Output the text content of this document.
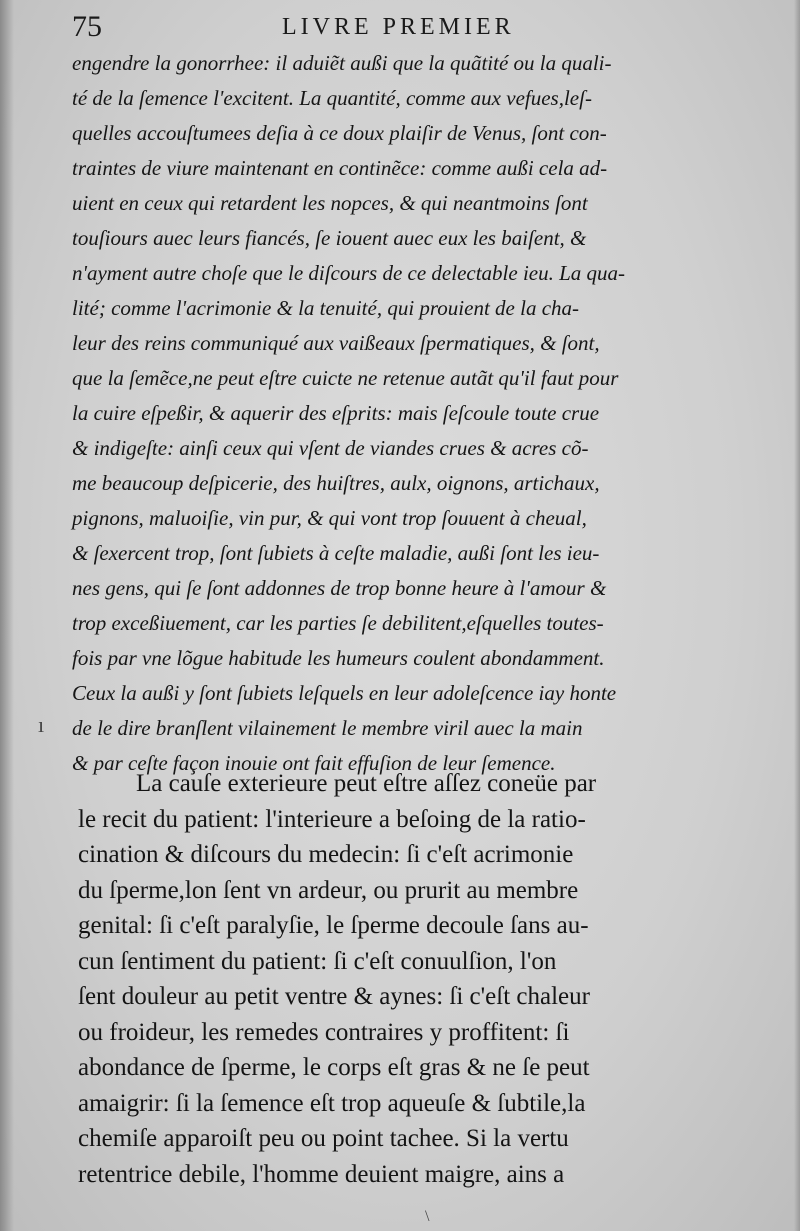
75	LIVRE PREMIER
engendre la gonorrhee: il aduiẽt außi que la quãtité ou la quali-
té de la ſemence l'excitent. La quantité, comme aux vefues,leſ-
quelles accouſtumees deſia à ce doux plaiſir de Venus, ſont con-
traintes de viure maintenant en continẽce: comme außi cela ad-
uient en ceux qui retardent les nopces, & qui neantmoins ſont
touſiours auec leurs fiancés, ſe iouent auec eux les baiſent, &
n'ayment autre choſe que le diſcours de ce delectable ieu. La qua-
lité; comme l'acrimonie & la tenuité, qui prouient de la cha-
leur des reins communiqué aux vaißeaux ſpermatiques, & ſont,
que la ſemẽce,ne peut eſtre cuicte ne retenue autãt qu'il faut pour
la cuire eſpeßir, & aquerir des eſprits: mais ſeſcoule toute crue
& indigeſte: ainſi ceux qui vſent de viandes crues & acres cõ-
me beaucoup deſpicerie, des huiſtres, aulx, oignons, artichaux,
pignons, maluoiſie, vin pur, & qui vont trop ſouuent à cheual,
& ſexercent trop, ſont ſubiets à ceſte maladie, außi ſont les ieu-
nes gens, qui ſe ſont addonnes de trop bonne heure à l'amour &
trop exceßiuement, car les parties ſe debilitent,eſquelles toutes-
fois par vne lõgue habitude les humeurs coulent abondamment.
Ceux la außi y ſont ſubiets leſquels en leur adoleſcence iay honte
de le dire branſlent vilainement le membre viril auec la main
& par ceſte façon inouie ont fait effuſion de leur ſemence.
La cauſe exterieure peut eſtre aſſez coneüe par
le recit du patient: l'interieure a beſoing de la ratio-
cination & diſcours du medecin: ſi c'eſt acrimonie
du ſperme,lon ſent vn ardeur, ou prurit au membre
genital: ſi c'eſt paralyſie, le ſperme decoule ſans au-
cun ſentiment du patient: ſi c'eſt conuulſion, l'on
ſent douleur au petit ventre & aynes: ſi c'eſt chaleur
ou froideur, les remedes contraires y proffitent: ſi
abondance de ſperme, le corps eſt gras & ne ſe peut
amaigrir: ſi la ſemence eſt trop aqueuſe & ſubtile,la
chemiſe apparoiſt peu ou point tachee. Si la vertu
retentrice debile, l'homme deuient maigre, ains a
ı
\
